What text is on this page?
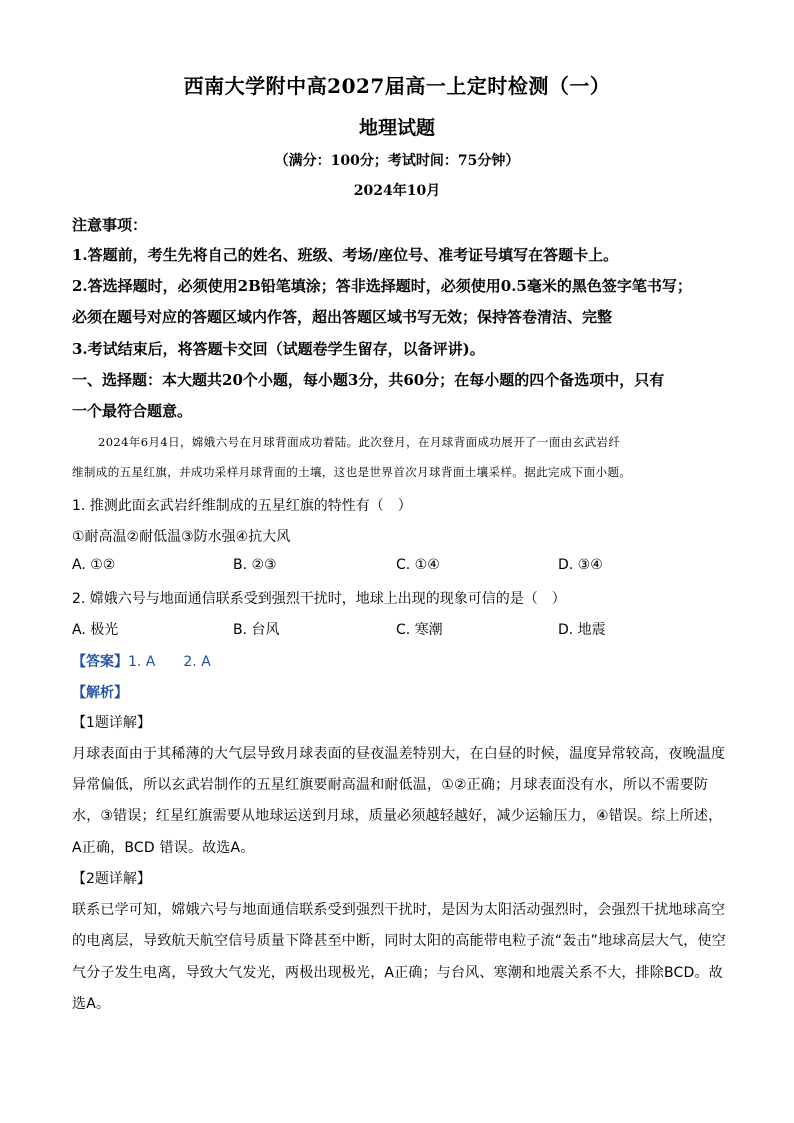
西南大学附中高2027届高一上定时检测（一）
地理试题
（满分：100分；考试时间：75分钟）
2024年10月
注意事项：
1.答题前，考生先将自己的姓名、班级、考场/座位号、准考证号填写在答题卡上。
2.答选择题时，必须使用2B铅笔填涂；答非选择题时，必须使用0.5毫米的黑色签字笔书写；
必须在题号对应的答题区域内作答，超出答题区域书写无效；保持答卷清洁、完整
3.考试结束后，将答题卡交回（试题卷学生留存，以备评讲)。
一、选择题：本大题共20个小题，每小题3分，共60分；在每小题的四个备选项中，只有
一个最符合题意。
2024年6月4日，嫦娥六号在月球背面成功着陆。此次登月，在月球背面成功展开了一面由玄武岩纤
维制成的五星红旗，并成功采样月球背面的土壤，这也是世界首次月球背面土壤采样。据此完成下面小题。
1. 推测此面玄武岩纤维制成的五星红旗的特性有（　）
①耐高温②耐低温③防水强④抗大风
A. ①②	B. ②③	C. ①④	D. ③④
2. 嫦娥六号与地面通信联系受到强烈干扰时，地球上出现的现象可信的是（　）
A. 极光	B. 台风	C. 寒潮	D. 地震
【答案】1. A　　2. A
【解析】
【1题详解】
月球表面由于其稀薄的大气层导致月球表面的昼夜温差特别大，在白昼的时候，温度异常较高，夜晚温度
异常偏低，所以玄武岩制作的五星红旗要耐高温和耐低温，①②正确；月球表面没有水，所以不需要防
水，③错误；红星红旗需要从地球运送到月球，质量必须越轻越好，减少运输压力，④错误。综上所述，
A正确，BCD 错误。故选A。
【2题详解】
联系已学可知，嫦娥六号与地面通信联系受到强烈干扰时，是因为太阳活动强烈时，会强烈干扰地球高空
的电离层，导致航天航空信号质量下降甚至中断，同时太阳的高能带电粒子流“轰击”地球高层大气，使空
气分子发生电离，导致大气发光，两极出现极光，A正确；与台风、寒潮和地震关系不大，排除BCD。故
选A。
